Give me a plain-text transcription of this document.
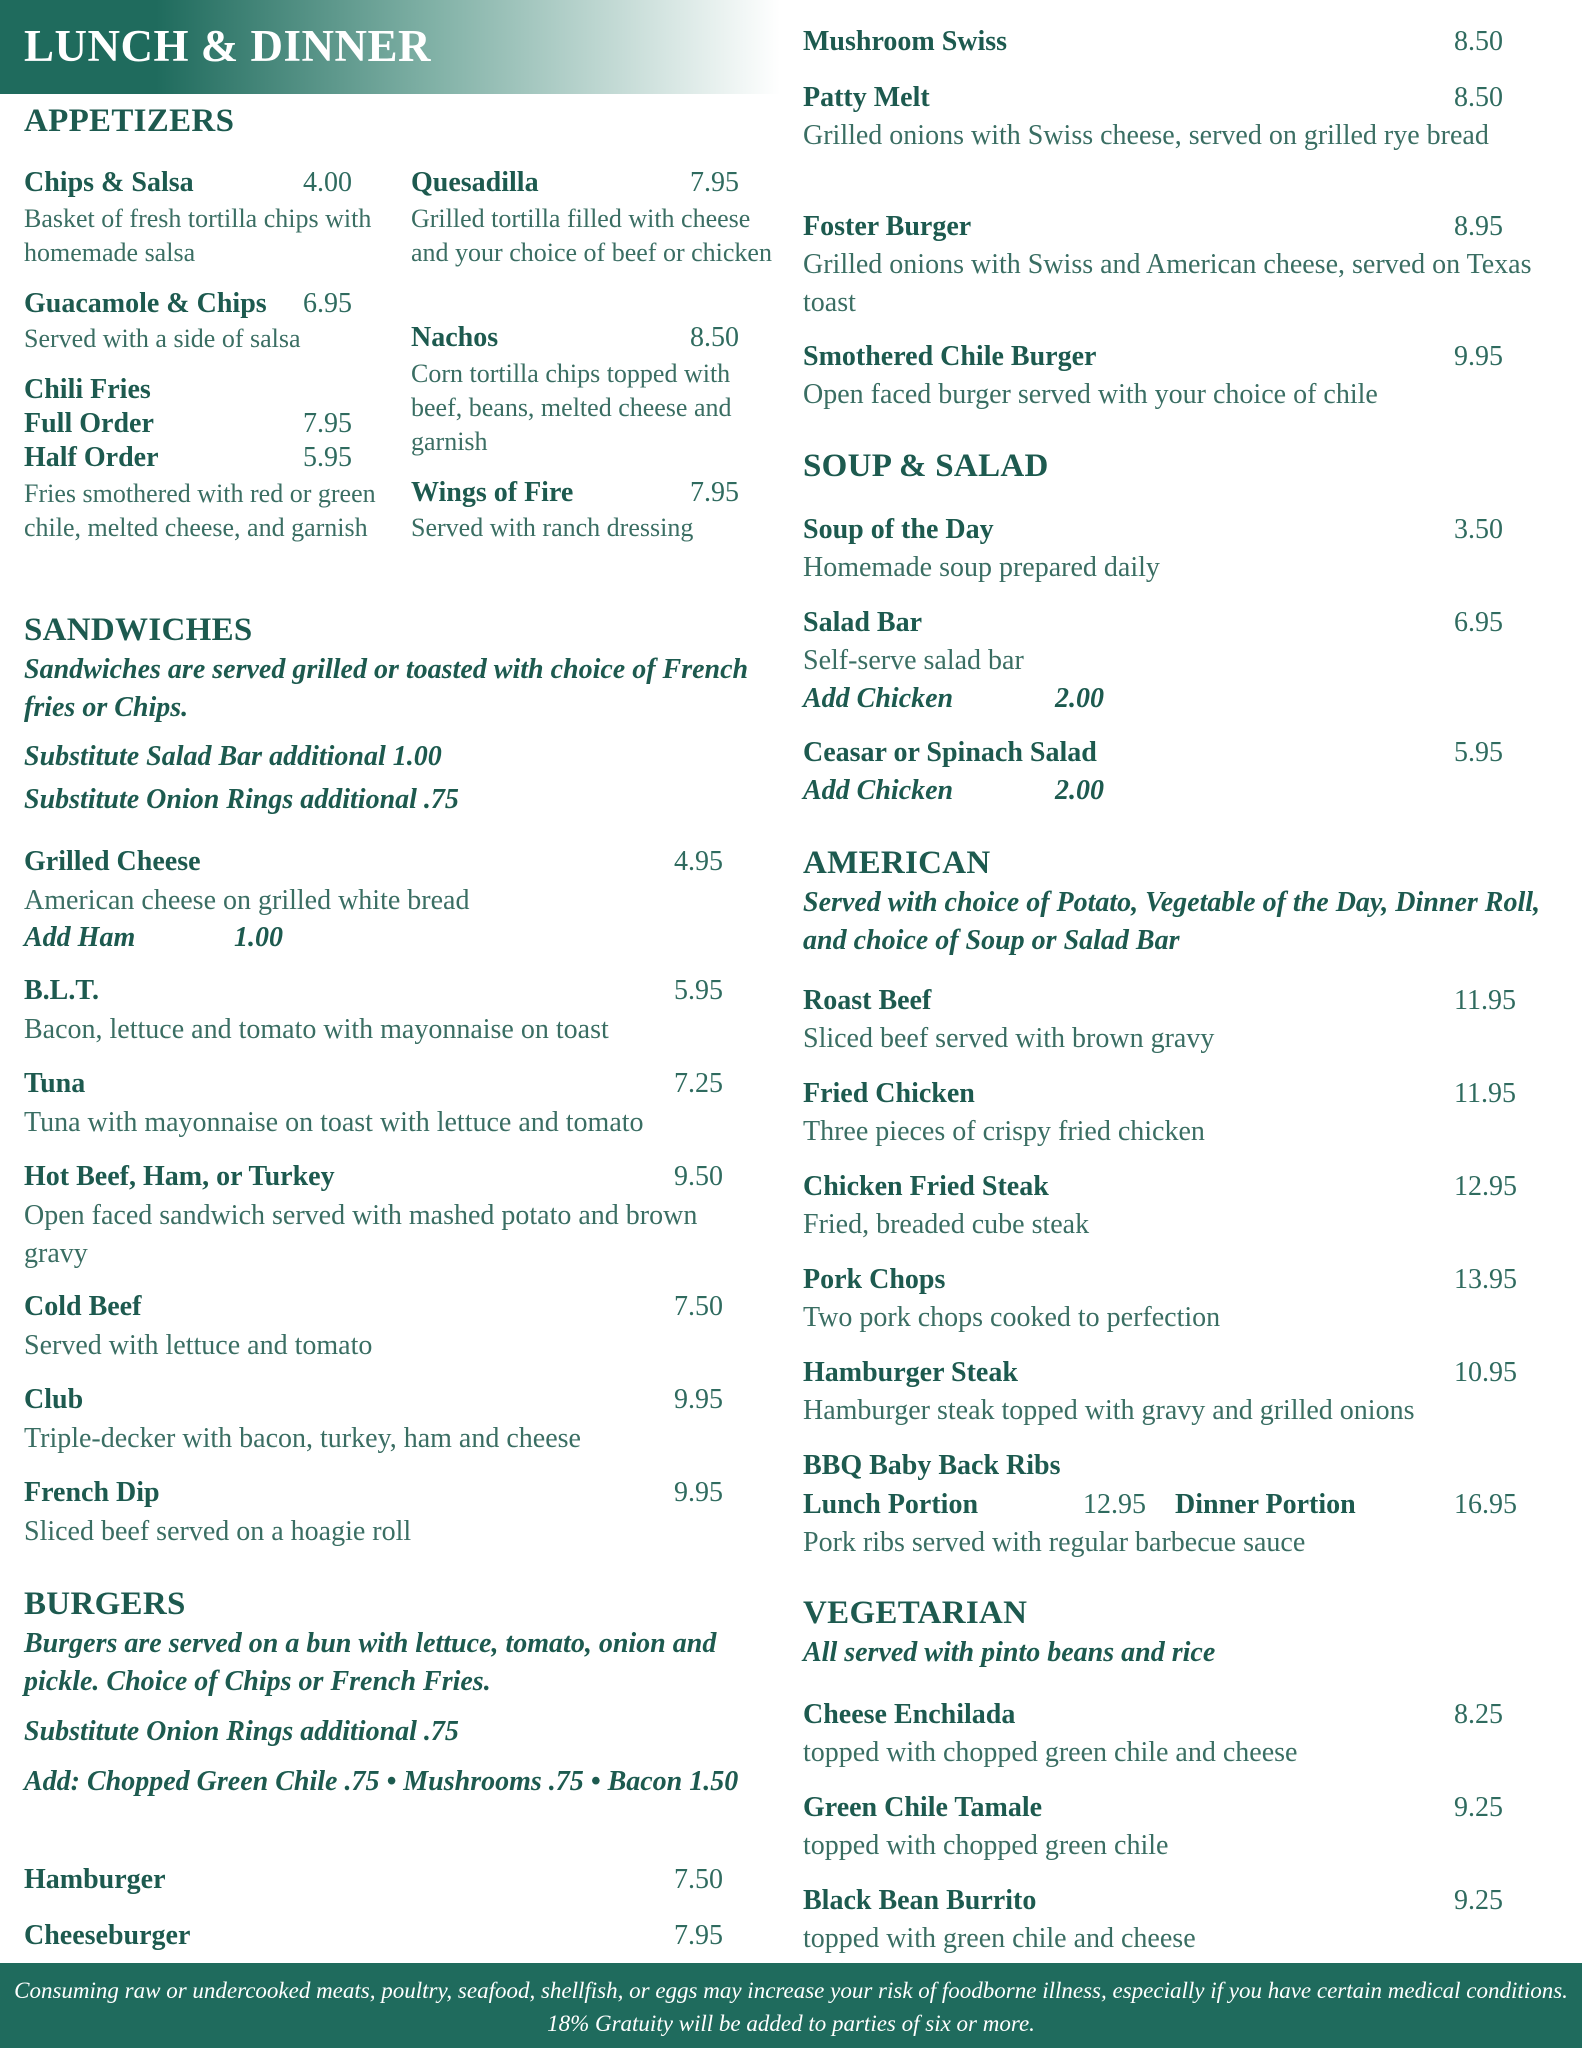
LUNCH & DINNER
APPETIZERS
Chips & Salsa	4.00
Basket of fresh tortilla chips with homemade salsa
Guacamole & Chips 6.95
Served with a side of salsa
Chili Fries
Full Order	7.95
Half Order	5.95
Fries smothered with red or green chile, melted cheese, and garnish
Quesadilla	7.95
Grilled tortilla filled with cheese and your choice of beef or chicken
Nachos	8.50
Corn tortilla chips topped with beef, beans, melted cheese and garnish
Wings of Fire	7.95
Served with ranch dressing
SANDWICHES
Sandwiches are served grilled or toasted with choice of French fries or Chips.
Substitute Salad Bar additional 1.00
Substitute Onion Rings additional .75
Grilled Cheese	4.95
American cheese on grilled white bread
Add Ham	1.00
B.L.T.	5.95
Bacon, lettuce and tomato with mayonnaise on toast
Tuna	7.25
Tuna with mayonnaise on toast with lettuce and tomato
Hot Beef, Ham, or Turkey	9.50
Open faced sandwich served with mashed potato and brown gravy
Cold Beef	7.50
Served with lettuce and tomato
Club	9.95
Triple-decker with bacon, turkey, ham and cheese
French Dip	9.95
Sliced beef served on a hoagie roll
BURGERS
Burgers are served on a bun with lettuce, tomato, onion and pickle. Choice of Chips or French Fries.
Substitute Onion Rings additional .75
Add: Chopped Green Chile .75 • Mushrooms .75 • Bacon 1.50
Hamburger	7.50
Cheeseburger	7.95
Mushroom Swiss	8.50
Patty Melt	8.50
Grilled onions with Swiss cheese, served on grilled rye bread
Foster Burger	8.95
Grilled onions with Swiss and American cheese, served on Texas toast
Smothered Chile Burger	9.95
Open faced burger served with your choice of chile
SOUP & SALAD
Soup of the Day	3.50
Homemade soup prepared daily
Salad Bar	6.95
Self-serve salad bar
Add Chicken	2.00
Ceasar or Spinach Salad	5.95
Add Chicken	2.00
AMERICAN
Served with choice of Potato, Vegetable of the Day, Dinner Roll, and choice of Soup or Salad Bar
Roast Beef	11.95
Sliced beef served with brown gravy
Fried Chicken	11.95
Three pieces of crispy fried chicken
Chicken Fried Steak	12.95
Fried, breaded cube steak
Pork Chops	13.95
Two pork chops cooked to perfection
Hamburger Steak	10.95
Hamburger steak topped with gravy and grilled onions
BBQ Baby Back Ribs
Lunch Portion	12.95 Dinner Portion	16.95
Pork ribs served with regular barbecue sauce
VEGETARIAN
All served with pinto beans and rice
Cheese Enchilada	8.25
topped with chopped green chile and cheese
Green Chile Tamale	9.25
topped with chopped green chile
Black Bean Burrito	9.25
topped with green chile and cheese
Consuming raw or undercooked meats, poultry, seafood, shellfish, or eggs may increase your risk of foodborne illness, especially if you have certain medical conditions.
18% Gratuity will be added to parties of six or more.
